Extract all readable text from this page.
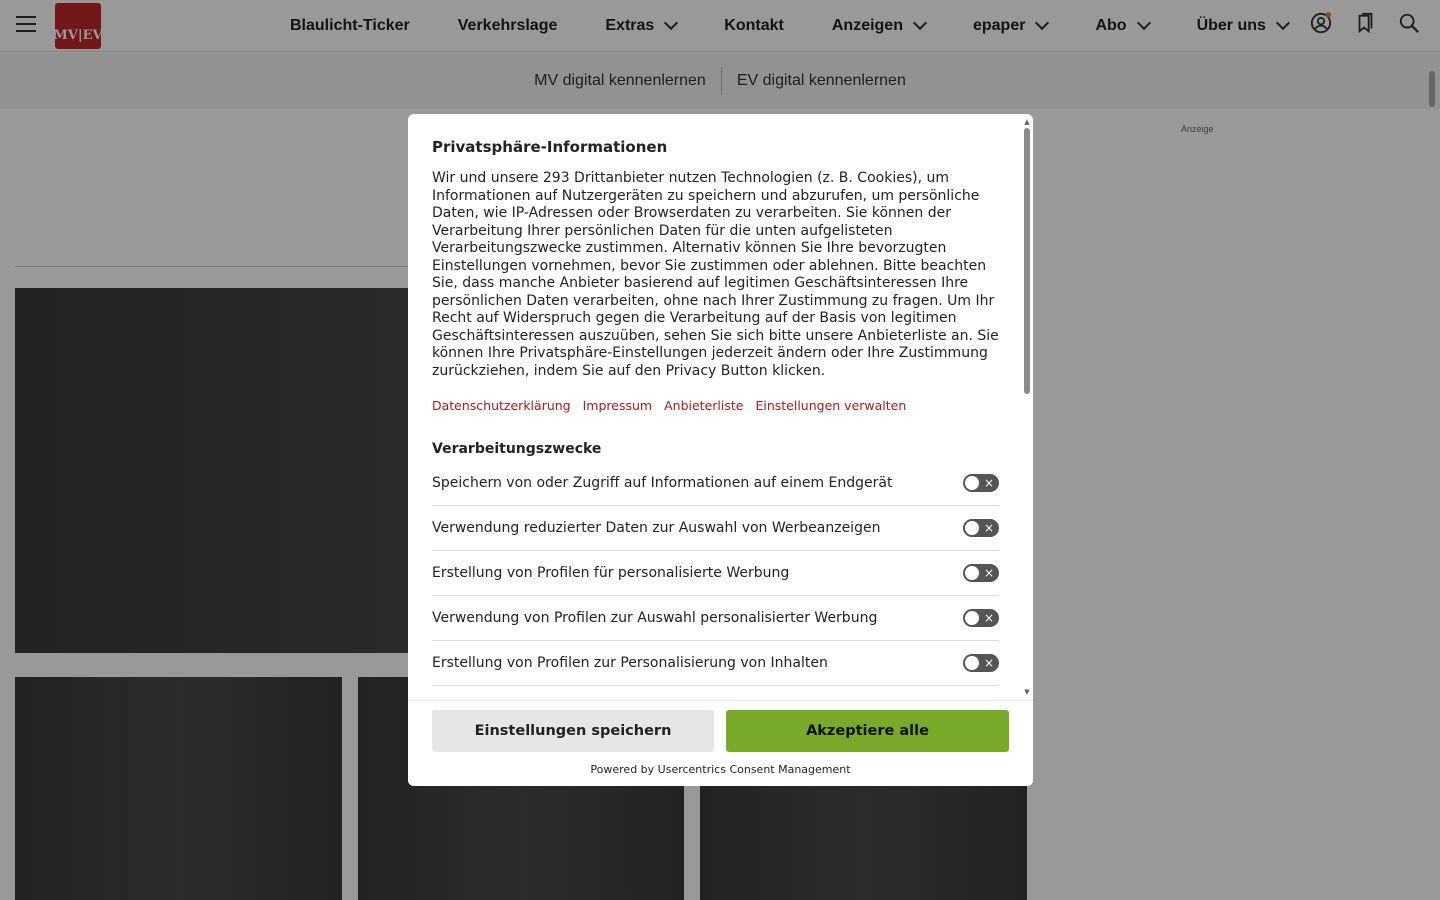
MV|EV
Blaulicht-Ticker	Verkehrslage	Extras	Kontakt	Anzeigen	epaper	Abo	Über uns
MV digital kennenlernen EV digital kennenlernen
Anzeige
Privatsphäre-Informationen

Wir und unsere 293 Drittanbieter nutzen Technologien (z. B. Cookies), um Informationen auf Nutzergeräten zu speichern und abzurufen, um persönliche Daten, wie IP-Adressen oder Browserdaten zu verarbeiten. Sie können der Verarbeitung Ihrer persönlichen Daten für die unten aufgelisteten Verarbeitungszwecke zustimmen. Alternativ können Sie Ihre bevorzugten Einstellungen vornehmen, bevor Sie zustimmen oder ablehnen. Bitte beachten Sie, dass manche Anbieter basierend auf legitimen Geschäftsinteressen Ihre persönlichen Daten verarbeiten, ohne nach Ihrer Zustimmung zu fragen. Um Ihr Recht auf Widerspruch gegen die Verarbeitung auf der Basis von legitimen Geschäftsinteressen auszuüben, sehen Sie sich bitte unsere Anbieterliste an. Sie können Ihre Privatsphäre-Einstellungen jederzeit ändern oder Ihre Zustimmung zurückziehen, indem Sie auf den Privacy Button klicken.

Datenschutzerklärung Impressum Anbieterliste Einstellungen verwalten
Verarbeitungszwecke
Speichern von oder Zugriff auf Informationen auf einem Endgerät	×
Verwendung reduzierter Daten zur Auswahl von Werbeanzeigen	×
Erstellung von Profilen für personalisierte Werbung	×
Verwendung von Profilen zur Auswahl personalisierter Werbung	×
Erstellung von Profilen zur Personalisierung von Inhalten	×
▲
▼
Einstellungen speichern	Akzeptiere alle
Powered by Usercentrics Consent Management
